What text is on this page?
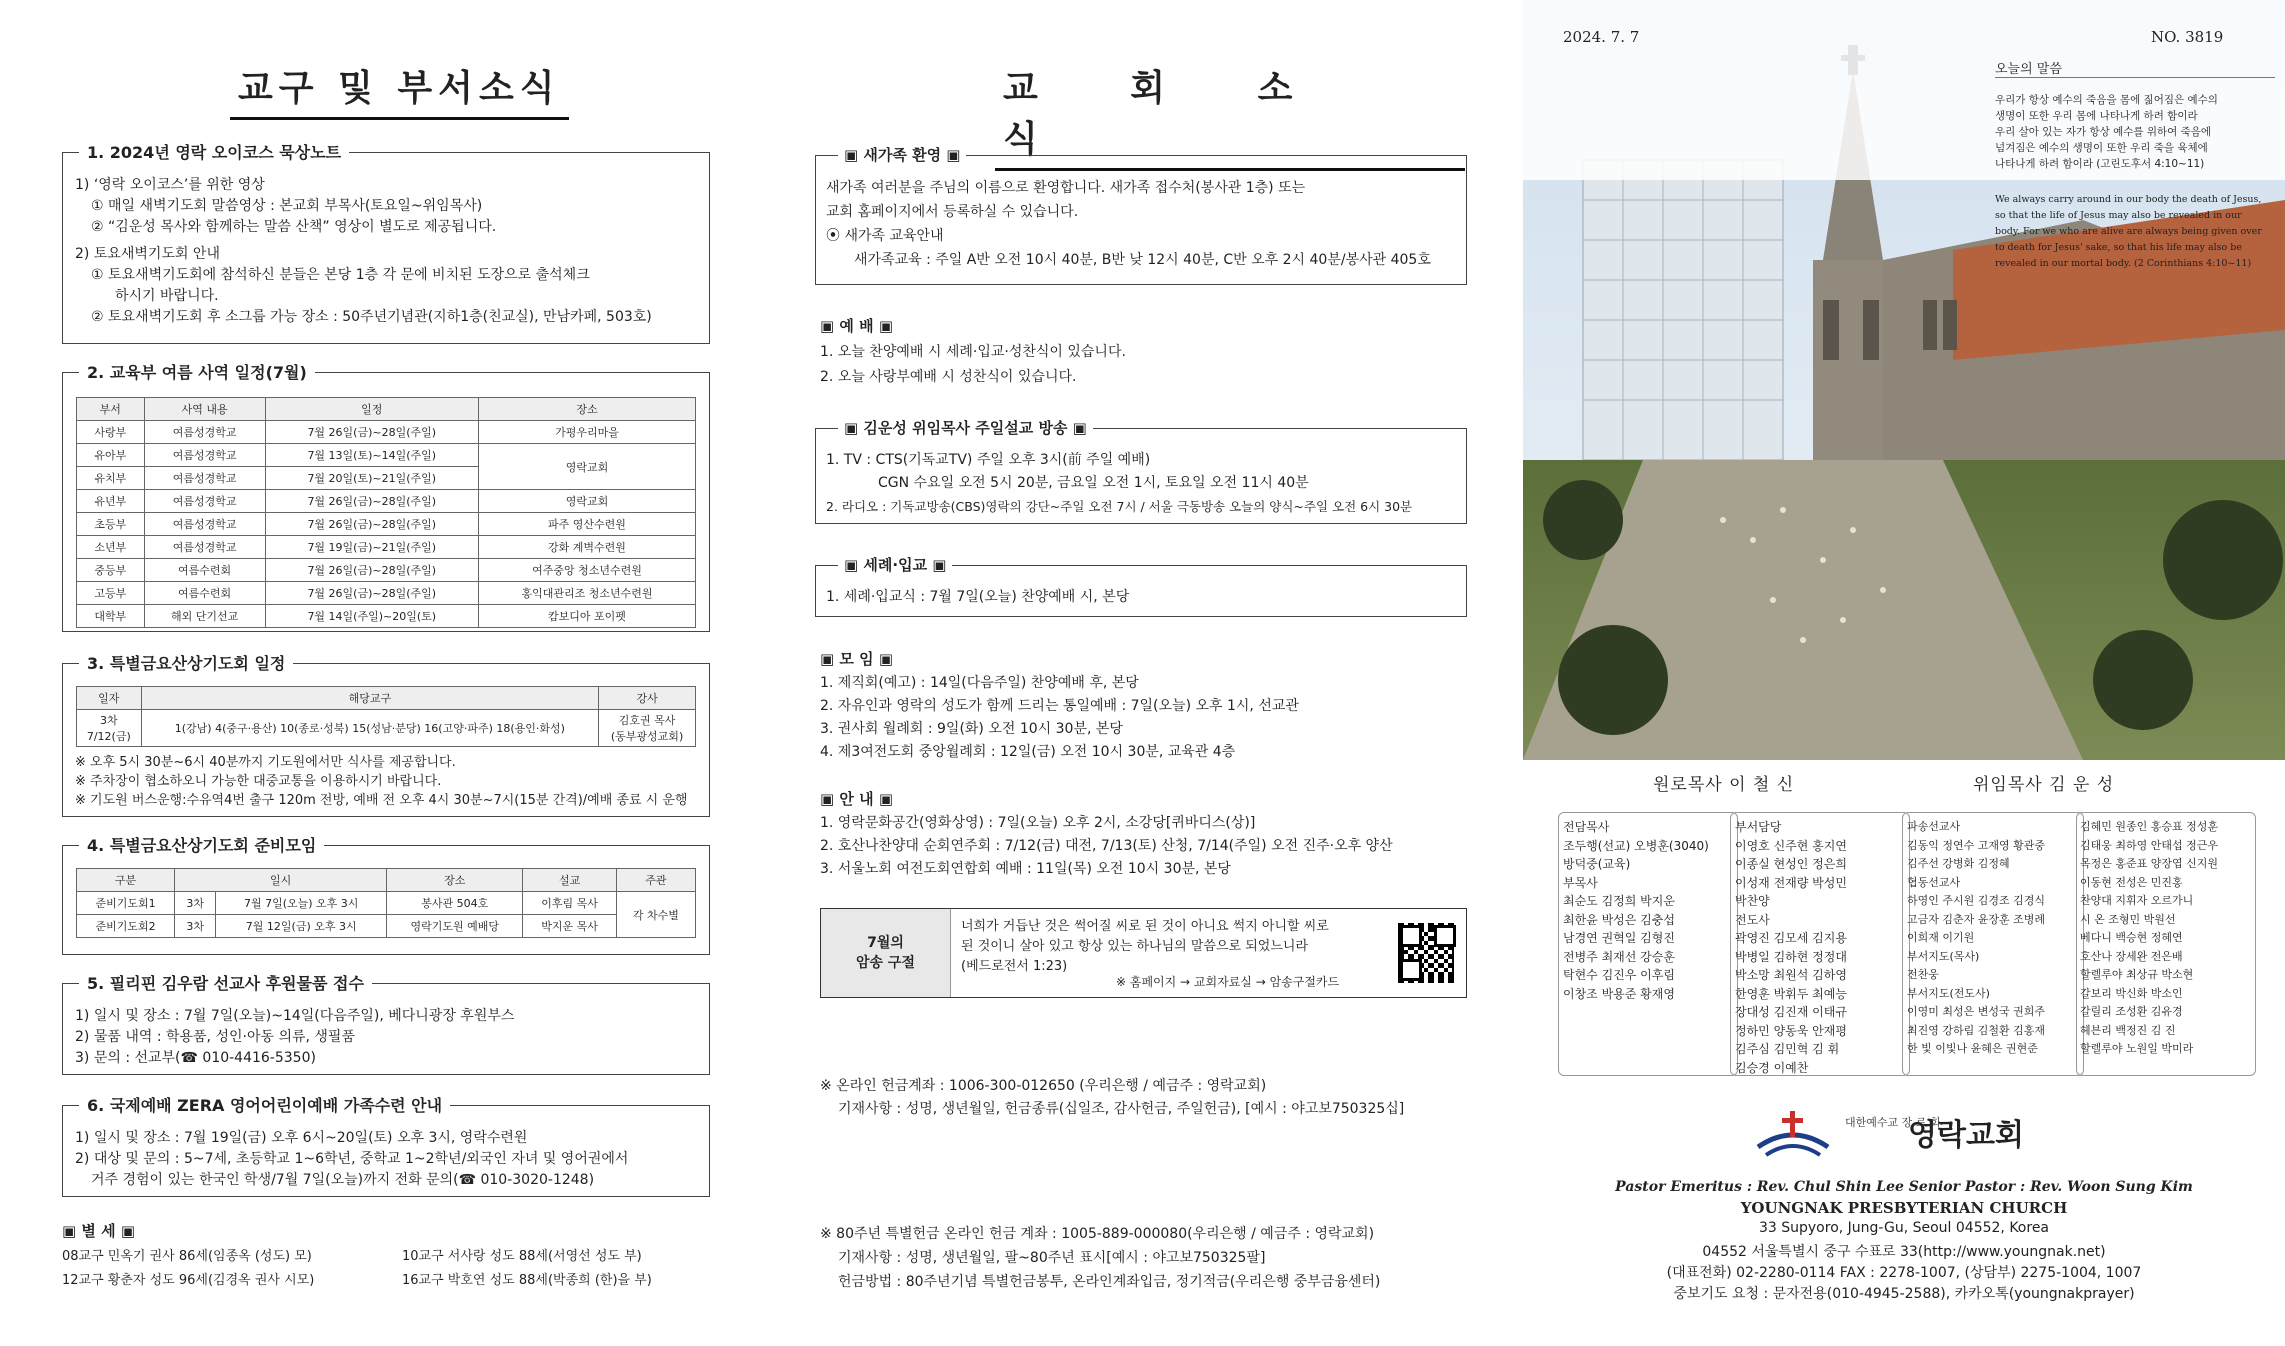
교구 및 부서소식
1. 2024년 영락 오이코스 묵상노트
1) ‘영락 오이코스’를 위한 영상
① 매일 새벽기도회 말씀영상 : 본교회 부목사(토요일~위임목사)
② “김운성 목사와 함께하는 말씀 산책” 영상이 별도로 제공됩니다.
2) 토요새벽기도회 안내
① 토요새벽기도회에 참석하신 분들은 본당 1층 각 문에 비치된 도장으로 출석체크
하시기 바랍니다.
② 토요새벽기도회 후 소그룹 가능 장소 : 50주년기념관(지하1층(친교실), 만남카페, 503호)
2. 교육부 여름 사역 일정(7월)
부서	사역 내용	일정	장소
사랑부	여름성경학교	7월 26일(금)~28일(주일)	가평우리마을
유아부	여름성경학교	7월 13일(토)~14일(주일)	영락교회
유치부	여름성경학교	7월 20일(토)~21일(주일)	
유년부	여름성경학교	7월 26일(금)~28일(주일)	영락교회
초등부	여름성경학교	7월 26일(금)~28일(주일)	파주 영산수련원
소년부	여름성경학교	7월 19일(금)~21일(주일)	강화 계벽수련원
중등부	여름수련회	7월 26일(금)~28일(주일)	여주중앙 청소년수련원
고등부	여름수련회	7월 26일(금)~28일(주일)	홍익대관리조 청소년수련원
대학부	해외 단기선교	7월 14일(주일)~20일(토)	캄보디아 포이펫
3. 특별금요산상기도회 일정
일자	해당교구	강사
3차
7/12(금)	1(강남) 4(중구·용산) 10(종로·성북) 15(성남·분당) 16(고양·파주) 18(용인·화성)	김호권 목사
(동부광성교회)
※ 오후 5시 30분~6시 40분까지 기도원에서만 식사를 제공합니다.
※ 주차장이 협소하오니 가능한 대중교통을 이용하시기 바랍니다.
※ 기도원 버스운행:수유역4번 출구 120m 전방, 예배 전 오후 4시 30분~7시(15분 간격)/예배 종료 시 운행
4. 특별금요산상기도회 준비모임
구분	일시		장소	설교	주관
준비기도회1	3차	7월 7일(오늘) 오후 3시	봉사관 504호	이후림 목사	각 차수별
준비기도회2	3차	7월 12일(금) 오후 3시	영락기도원 예배당	박지운 목사	
5. 필리핀 김우람 선교사 후원물품 접수
1) 일시 및 장소 : 7월 7일(오늘)~14일(다음주일), 베다니광장 후원부스
2) 물품 내역 : 학용품, 성인·아동 의류, 생필품
3) 문의 : 선교부(☎ 010-4416-5350)
6. 국제예배 ZERA 영어어린이예배 가족수련 안내
1) 일시 및 장소 : 7월 19일(금) 오후 6시~20일(토) 오후 3시, 영락수련원
2) 대상 및 문의 : 5~7세, 초등학교 1~6학년, 중학교 1~2학년/외국인 자녀 및 영어권에서
거주 경험이 있는 한국인 학생/7월 7일(오늘)까지 전화 문의(☎ 010-3020-1248)
▣ 별 세 ▣
08교구 민옥기 권사 86세(임종옥 (성도) 모)	10교구 서사랑 성도 88세(서영선 성도 부)
12교구 황춘자 성도 96세(김경옥 권사 시모)	16교구 박호연 성도 88세(박종희 (한)을 부)
교 회 소 식
▣ 새가족 환영 ▣
새가족 여러분을 주님의 이름으로 환영합니다. 새가족 접수처(봉사관 1층) 또는
교회 홈페이지에서 등록하실 수 있습니다.
⦿ 새가족 교육안내
새가족교육 : 주일 A반 오전 10시 40분, B반 낮 12시 40분, C반 오후 2시 40분/봉사관 405호
▣ 예 배 ▣
1. 오늘 찬양예배 시 세례·입교·성찬식이 있습니다.
2. 오늘 사랑부예배 시 성찬식이 있습니다.
▣ 김운성 위임목사 주일설교 방송 ▣
1. TV : CTS(기독교TV) 주일 오후 3시(前 주일 예배)
CGN 수요일 오전 5시 20분, 금요일 오전 1시, 토요일 오전 11시 40분
2. 라디오 : 기독교방송(CBS)영락의 강단~주일 오전 7시 / 서울 극동방송 오늘의 양식~주일 오전 6시 30분
▣ 세례·입교 ▣
1. 세례·입교식 : 7월 7일(오늘) 찬양예배 시, 본당
▣ 모 임 ▣
1. 제직회(예고) : 14일(다음주일) 찬양예배 후, 본당
2. 자유인과 영락의 성도가 함께 드리는 통일예배 : 7일(오늘) 오후 1시, 선교관
3. 권사회 월례회 : 9일(화) 오전 10시 30분, 본당
4. 제3여전도회 중앙월례회 : 12일(금) 오전 10시 30분, 교육관 4층
▣ 안 내 ▣
1. 영락문화공간(영화상영) : 7일(오늘) 오후 2시, 소강당[퀴바디스(상)]
2. 호산나찬양대 순회연주회 : 7/12(금) 대전, 7/13(토) 산청, 7/14(주일) 오전 진주·오후 양산
3. 서울노회 여전도회연합회 예배 : 11일(목) 오전 10시 30분, 본당
7월의
암송 구절
너희가 거듭난 것은 썩어질 씨로 된 것이 아니요 썩지 아니할 씨로
된 것이니 살아 있고 항상 있는 하나님의 말씀으로 되었느니라
(베드로전서 1:23)
※ 홈페이지 → 교회자료실 → 암송구절카드
※ 온라인 헌금계좌 : 1006-300-012650 (우리은행 / 예금주 : 영락교회)
기재사항 : 성명, 생년월일, 헌금종류(십일조, 감사헌금, 주일헌금), [예시 : 야고보750325십]
※ 80주년 특별헌금 온라인 헌금 계좌 : 1005-889-000080(우리은행 / 예금주 : 영락교회)
기재사항 : 성명, 생년월일, 팔~80주년 표시[예시 : 야고보750325팔]
헌금방법 : 80주년기념 특별헌금봉투, 온라인계좌입금, 정기적금(우리은행 중부금융센터)
2024. 7. 7	NO. 3819
오늘의 말씀
우리가 항상 예수의 죽음을 몸에 짊어짐은 예수의
생명이 또한 우리 몸에 나타나게 하려 함이라
우리 살아 있는 자가 항상 예수를 위하여 죽음에
넘겨짐은 예수의 생명이 또한 우리 죽을 육체에
나타나게 하려 함이라 (고린도후서 4:10~11)
We always carry around in our body the death of Jesus,
so that the life of Jesus may also be revealed in our
body. For we who are alive are always being given over
to death for Jesus' sake, so that his life may also be
revealed in our mortal body. (2 Corinthians 4:10~11)
원로목사 이 철 신	위임목사 김 운 성
전담목사
조두행(선교) 오병훈(3040)
방덕중(교육)
부목사
최순도 김정희 박지운
최한윤 박성은 김충섭
남경연 권혁일 김형진
전병주 최재선 강승훈
탁현수 김진우 이후림
이창조 박용준 황재영
부서담당
이영호 신주현 홍지연
이종실 현성인 정은희
이성재 전재량 박성민
박찬양
전도사
곽영진 김모세 김지용
박병일 김하현 정정대
박소망 최원석 김하영
한영훈 박휘두 최예능
장대성 김진재 이태규
정하민 양동욱 안재평
김주심 김민혁 김 휘
김승경 이예찬
파송선교사
김동익 정연수 고재영 황관중
김주선 강병화 김정혜
협동선교사
하영인 주시원 김경조 김경식
고금자 김춘자 윤장훈 조병례
이희재 이기원
부서지도(목사)
전찬웅
부서지도(전도사)
이영미 최성은 변성국 권희주
최진영 강하림 김철환 김홍재
한 빛 이빛나 윤혜은 권현준
김혜민 원종인 홍승표 정성훈
김태웅 최하영 안태섭 정근우
목정은 홍준표 양장엽 신지원
이동현 전성은 민진홍
찬양대 지휘자 오르가니
시 온 조형민 박원선
베다니 백승현 정혜연
호산나 장세완 전은배
할렐루야 최상규 박소현
갈보리 박신화 박소인
갈릴리 조성환 김유경
헤븐리 백정진 김 진
할렐루야 노원일 박미라
대한예수교 장 로 회
영락교회
Pastor Emeritus : Rev. Chul Shin Lee Senior Pastor : Rev. Woon Sung Kim
YOUNGNAK PRESBYTERIAN CHURCH
33 Supyoro, Jung-Gu, Seoul 04552, Korea
04552 서울특별시 중구 수표로 33(http://www.youngnak.net)
(대표전화) 02-2280-0114 FAX : 2278-1007, (상담부) 2275-1004, 1007
중보기도 요청 : 문자전용(010-4945-2588), 카카오톡(youngnakprayer)
